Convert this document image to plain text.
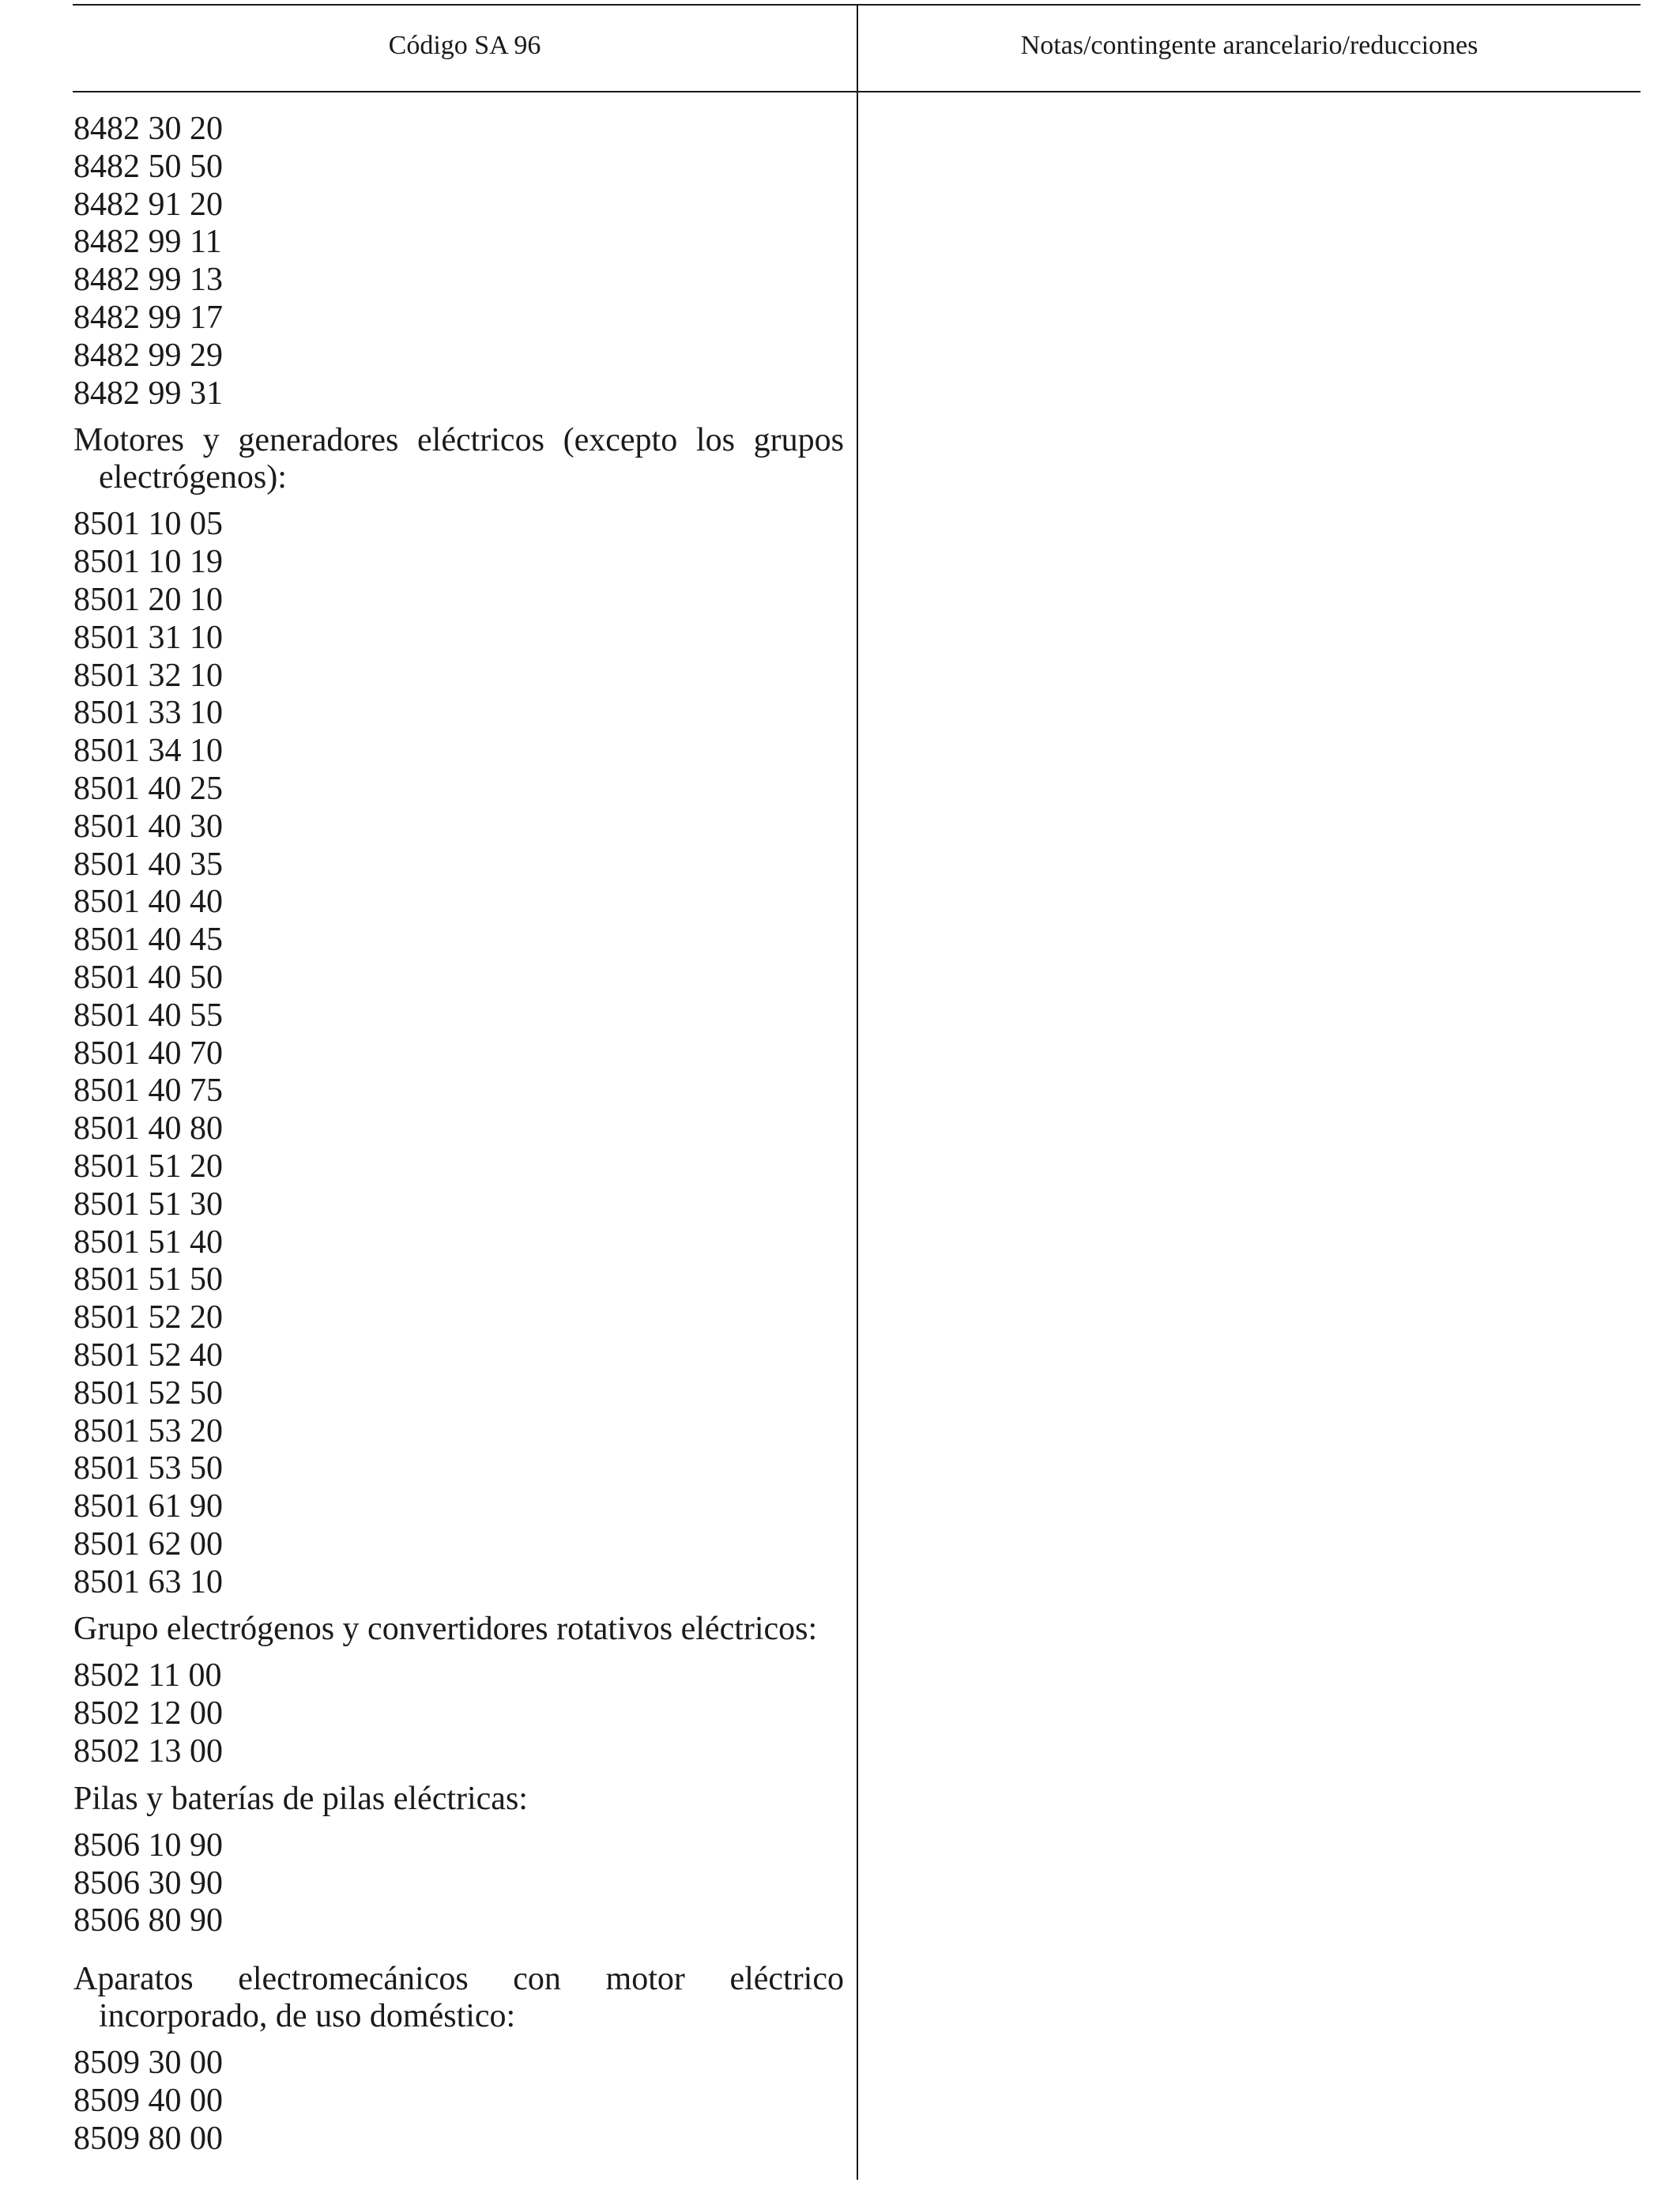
Código SA 96	Notas/contingente arancelario/reducciones
8482 30 20
8482 50 50
8482 91 20
8482 99 11
8482 99 13
8482 99 17
8482 99 29
8482 99 31
Motores y generadores eléctricos (excepto los grupos electrógenos):
8501 10 05
8501 10 19
8501 20 10
8501 31 10
8501 32 10
8501 33 10
8501 34 10
8501 40 25
8501 40 30
8501 40 35
8501 40 40
8501 40 45
8501 40 50
8501 40 55
8501 40 70
8501 40 75
8501 40 80
8501 51 20
8501 51 30
8501 51 40
8501 51 50
8501 52 20
8501 52 40
8501 52 50
8501 53 20
8501 53 50
8501 61 90
8501 62 00
8501 63 10
Grupo electrógenos y convertidores rotativos eléctricos:
8502 11 00
8502 12 00
8502 13 00
Pilas y baterías de pilas eléctricas:
8506 10 90
8506 30 90
8506 80 90
Aparatos electromecánicos con motor eléctrico incorporado, de uso doméstico:
8509 30 00
8509 40 00
8509 80 00
